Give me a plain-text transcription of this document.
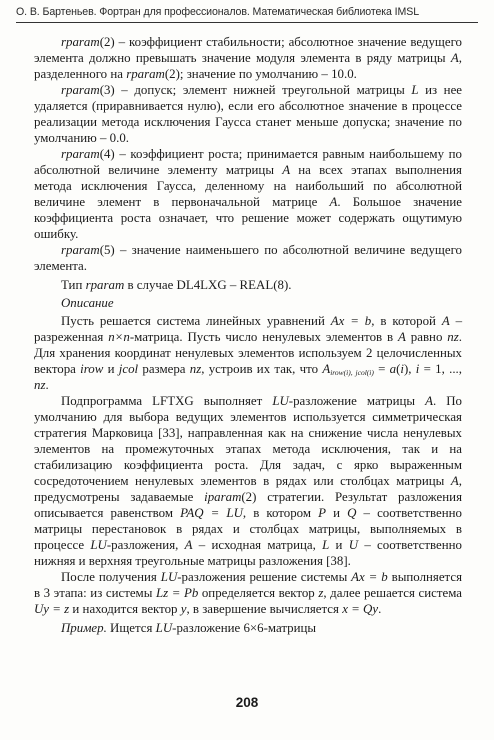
О. В. Бартеньев. Фортран для профессионалов. Математическая библиотека IMSL

rparam(2) – коэффициент стабильности; абсолютное значение ведущего элемента должно превышать значение модуля элемента в ряду матрицы A, разделенного на rparam(2); значение по умолчанию – 10.0.

rparam(3) – допуск; элемент нижней треугольной матрицы L из нее удаляется (приравнивается нулю), если его абсолютное значение в процессе реализации метода исключения Гаусса станет меньше допуска; значение по умолчанию – 0.0.

rparam(4) – коэффициент роста; принимается равным наибольшему по абсолютной величине элементу матрицы A на всех этапах выполнения метода исключения Гаусса, деленному на наибольший по абсолютной величине элемент в первоначальной матрице A. Большое значение коэффициента роста означает, что решение может содержать ощутимую ошибку.

rparam(5) – значение наименьшего по абсолютной величине ведущего элемента.

Тип rparam в случае DL4LXG – REAL(8).

Описание

Пусть решается система линейных уравнений Ax = b, в которой A – разреженная n×n-матрица. Пусть число ненулевых элементов в A равно nz. Для хранения координат ненулевых элементов используем 2 целочисленных вектора irow и jcol размера nz, устроив их так, что $A_{irow(i), jcol(i)} = a(i)$, i = 1, ..., nz.

Подпрограмма LFTXG выполняет LU-разложение матрицы A. По умолчанию для выбора ведущих элементов используется симметрическая стратегия Марковица [33], направленная как на снижение числа ненулевых элементов на промежуточных этапах метода исключения, так и на стабилизацию коэффициента роста. Для задач, с ярко выраженным сосредоточением ненулевых элементов в рядах или столбцах матрицы A, предусмотрены задаваемые iparam(2) стратегии. Результат разложения описывается равенством PAQ = LU, в котором P и Q – соответственно матрицы перестановок в рядах и столбцах матрицы, выполняемых в процессе LU-разложения, A – исходная матрица, L и U – соответственно нижняя и верхняя треугольные матрицы разложения [38].

После получения LU-разложения решение системы Ax = b выполняется в 3 этапа: из системы Lz = Pb определяется вектор z, далее решается система Uy = z и находится вектор y, в завершение вычисляется x = Qy.

Пример. Ищется LU-разложение 6×6-матрицы

208
